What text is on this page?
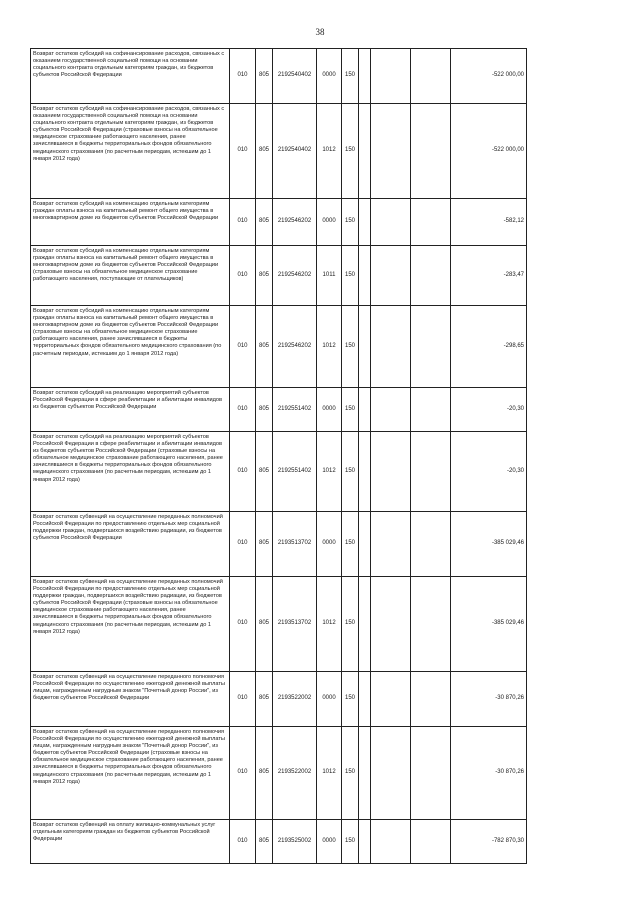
38
Возврат остатков субсидий на софинансирование расходов, связанных с оказанием государственной социальной помощи на основании социального контракта отдельным категориям граждан, из бюджетов субъектов Российской Федерации	010	805	2192540402	0000	150				-522 000,00
Возврат остатков субсидий на софинансирование расходов, связанных с оказанием государственной социальной помощи на основании социального контракта отдельным категориям граждан, из бюджетов субъектов Российской Федерации (страховые взносы на обязательное медицинское страхование работающего населения, ранее зачислявшиеся в бюджеты территориальных фондов обязательного медицинского страхования (по расчетным периодам, истекшим до 1 января 2012 года)	010	805	2192540402	1012	150				-522 000,00
Возврат остатков субсидий на компенсацию отдельным категориям граждан оплаты взноса на капитальный ремонт общего имущества в многоквартирном доме из бюджетов субъектов Российской Федерации	010	805	2192546202	0000	150				-582,12
Возврат остатков субсидий на компенсацию отдельным категориям граждан оплаты взноса на капитальный ремонт общего имущества в многоквартирном доме из бюджетов субъектов Российской Федерации (страховые взносы на обязательное медицинское страхование работающего населения, поступающие от плательщиков)	010	805	2192546202	1011	150				-283,47
Возврат остатков субсидий на компенсацию отдельным категориям граждан оплаты взноса на капитальный ремонт общего имущества в многоквартирном доме из бюджетов субъектов Российской Федерации (страховые взносы на обязательное медицинское страхование работающего населения, ранее зачислявшиеся в бюджеты территориальных фондов обязательного медицинского страхования (по расчетным периодам, истекшим до 1 января 2012 года)	010	805	2192546202	1012	150				-298,65
Возврат остатков субсидий на реализацию мероприятий субъектов Российской Федерации в сфере реабилитации и абилитации инвалидов из бюджетов субъектов Российской Федерации	010	805	2192551402	0000	150				-20,30
Возврат остатков субсидий на реализацию мероприятий субъектов Российской Федерации в сфере реабилитации и абилитации инвалидов из бюджетов субъектов Российской Федерации (страховые взносы на обязательное медицинское страхование работающего населения, ранее зачислявшиеся в бюджеты территориальных фондов обязательного медицинского страхования (по расчетным периодам, истекшим до 1 января 2012 года)	010	805	2192551402	1012	150				-20,30
Возврат остатков субвенций на осуществление переданных полномочий Российской Федерации по предоставлению отдельных мер социальной поддержки граждан, подвергшихся воздействию радиации, из бюджетов субъектов Российской Федерации	010	805	2193513702	0000	150				-385 029,46
Возврат остатков субвенций на осуществление переданных полномочий Российской Федерации по предоставлению отдельных мер социальной поддержки граждан, подвергшихся воздействию радиации, из бюджетов субъектов Российской Федерации (страховые взносы на обязательное медицинское страхование работающего населения, ранее зачислявшиеся в бюджеты территориальных фондов обязательного медицинского страхования (по расчетным периодам, истекшим до 1 января 2012 года)	010	805	2193513702	1012	150				-385 029,46
Возврат остатков субвенций на осуществление переданного полномочия Российской Федерации по осуществлению ежегодной денежной выплаты лицам, награжденным нагрудным знаком "Почетный донор России", из бюджетов субъектов Российской Федерации	010	805	2193522002	0000	150				-30 870,26
Возврат остатков субвенций на осуществление переданного полномочия Российской Федерации по осуществлению ежегодной денежной выплаты лицам, награжденным нагрудным знаком "Почетный донор России", из бюджетов субъектов Российской Федерации (страховые взносы на обязательное медицинское страхование работающего населения, ранее зачислявшиеся в бюджеты территориальных фондов обязательного медицинского страхования (по расчетным периодам, истекшим до 1 января 2012 года)	010	805	2193522002	1012	150				-30 870,26
Возврат остатков субвенций на оплату жилищно-коммунальных услуг отдельным категориям граждан из бюджетов субъектов Российской Федерации	010	805	2193525002	0000	150				-782 870,30
